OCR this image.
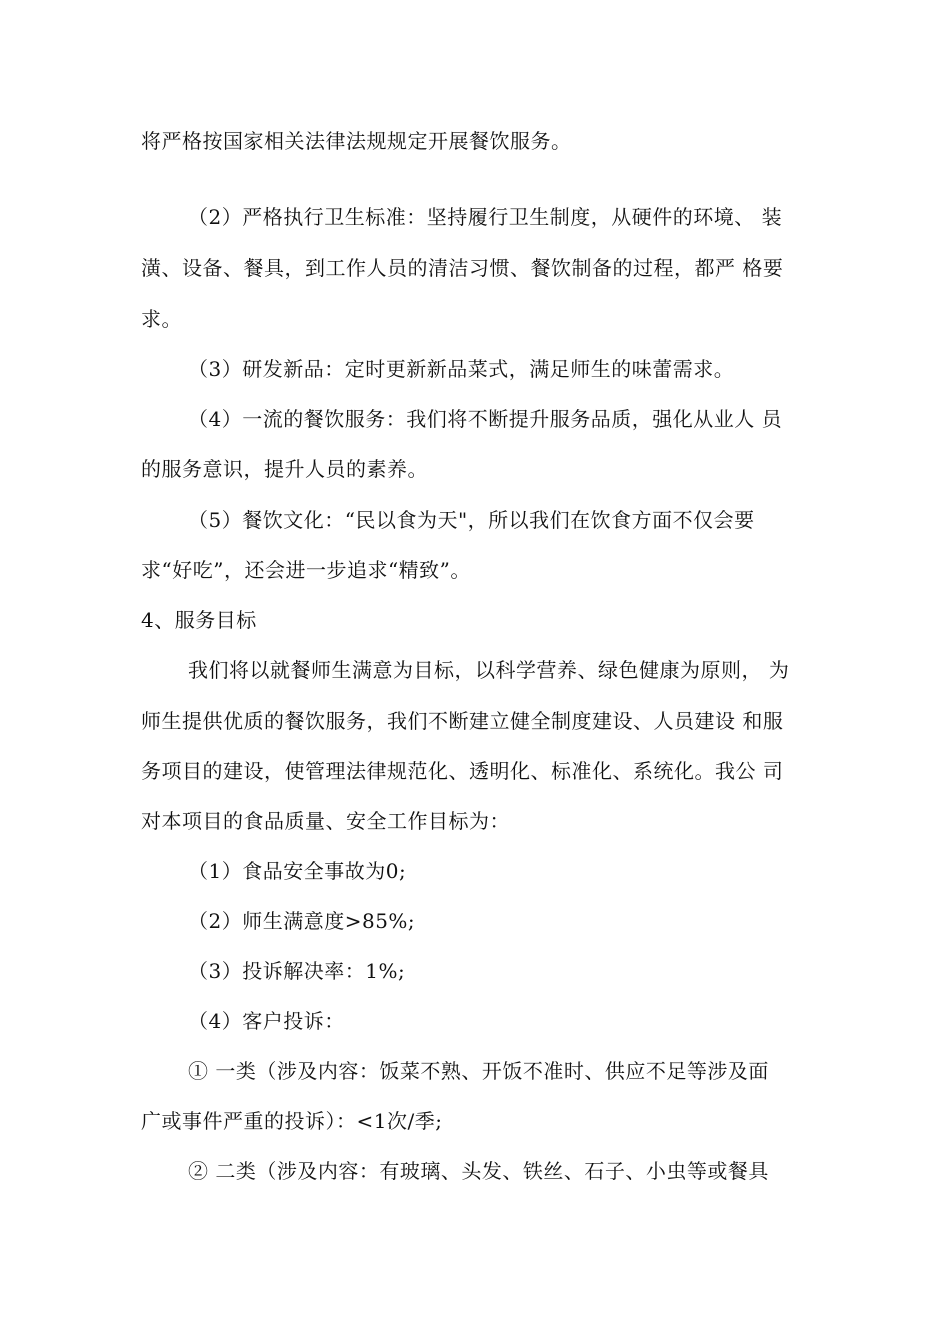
将严格按国家相关法律法规规定开展餐饮服务。
（2）严格执行卫生标准：坚持履行卫生制度，从硬件的环境、 装
潢、设备、餐具，到工作人员的清洁习惯、餐饮制备的过程，都严 格要
求。
（3）研发新品：定时更新新品菜式，满足师生的味蕾需求。
（4）一流的餐饮服务：我们将不断提升服务品质，强化从业人 员
的服务意识，提升人员的素养。
（5）餐饮文化：“民以食为天"，所以我们在饮食方面不仅会要
求“好吃”，还会进一步追求“精致”。
4、服务目标
我们将以就餐师生满意为目标，以科学营养、绿色健康为原则， 为
师生提供优质的餐饮服务，我们不断建立健全制度建设、人员建设 和服
务项目的建设，使管理法律规范化、透明化、标准化、系统化。我公 司
对本项目的食品质量、安全工作目标为：
（1）食品安全事故为0;
（2）师生满意度>85%;
（3）投诉解决率：1%;
（4）客户投诉：
① 一类（涉及内容：饭菜不熟、开饭不准时、供应不足等涉及面
广或事件严重的投诉）：<1次/季;
② 二类（涉及内容：有玻璃、头发、铁丝、石子、小虫等或餐具
